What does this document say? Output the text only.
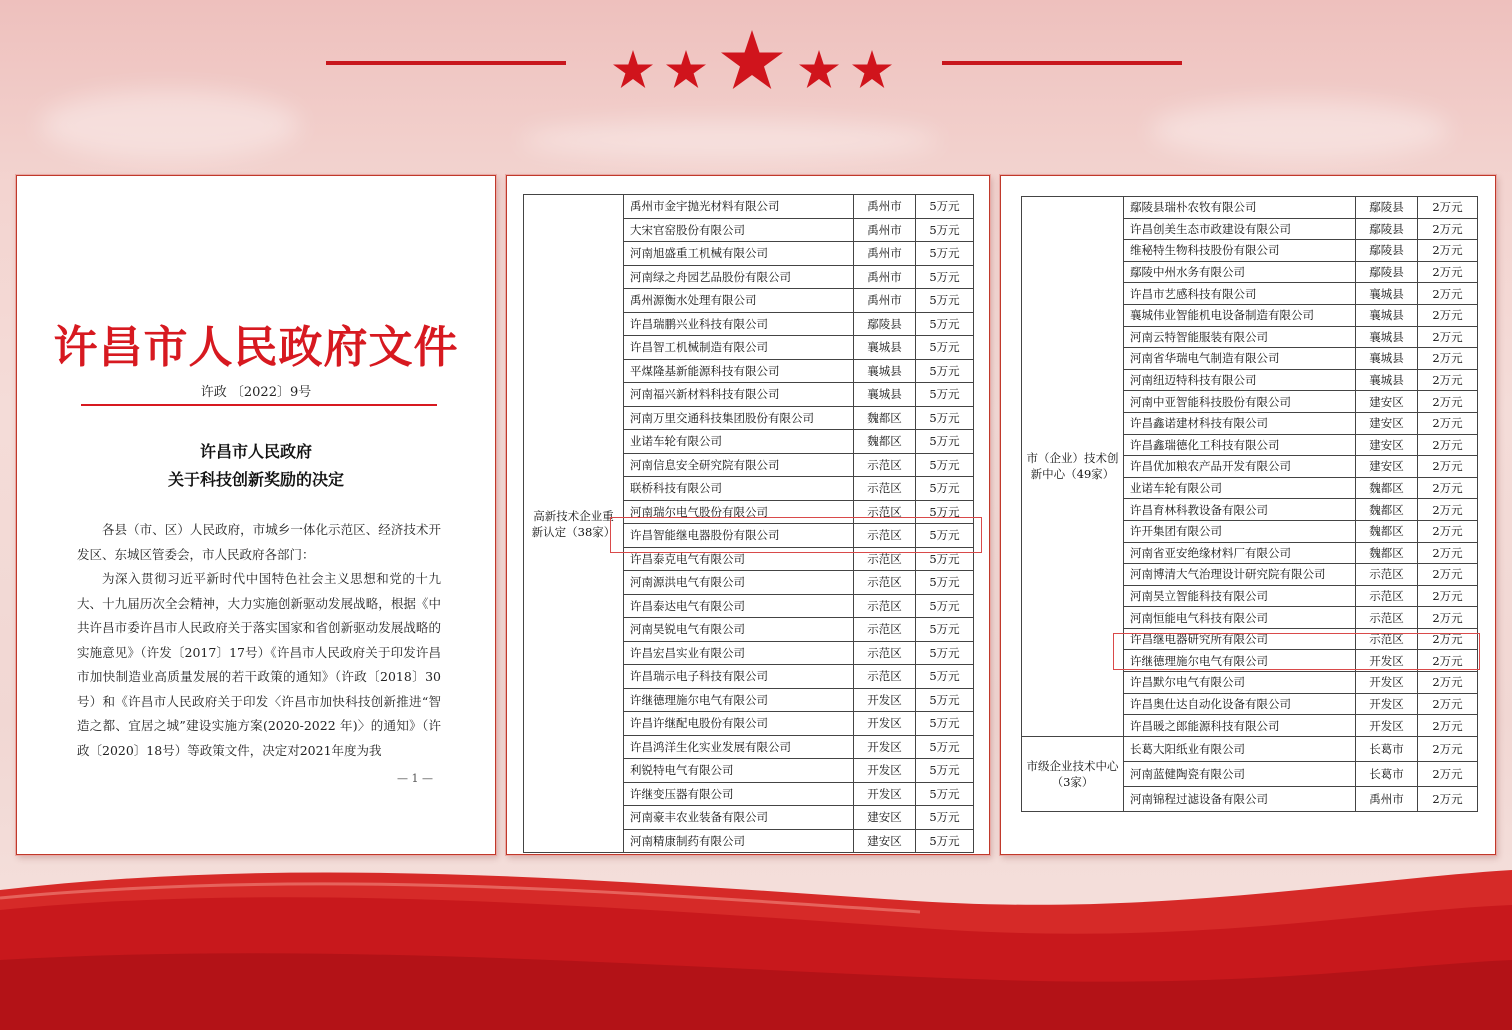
许昌市人民政府文件
许政 〔2022〕9号
许昌市人民政府
关于科技创新奖励的决定

各县（市、区）人民政府，市城乡一体化示范区、经济技术开发区、东城区管委会，市人民政府各部门：

为深入贯彻习近平新时代中国特色社会主义思想和党的十九大、十九届历次全会精神，大力实施创新驱动发展战略，根据《中共许昌市委许昌市人民政府关于落实国家和省创新驱动发展战略的实施意见》（许发〔2017〕17号）《许昌市人民政府关于印发许昌市加快制造业高质量发展的若干政策的通知》（许政〔2018〕30号）和《许昌市人民政府关于印发〈许昌市加快科技创新推进“智造之都、宜居之城”建设实施方案(2020-2022 年)〉的通知》（许政〔2020〕18号）等政策文件，决定对2021年度为我

— 1 —
高新技术企业重新认定（38家）	禹州市金宇抛光材料有限公司	禹州市	5万元
	大宋官窑股份有限公司	禹州市	5万元
	河南旭盛重工机械有限公司	禹州市	5万元
	河南绿之舟园艺品股份有限公司	禹州市	5万元
	禹州源衡水处理有限公司	禹州市	5万元
	许昌瑞鹏兴业科技有限公司	鄢陵县	5万元
	许昌智工机械制造有限公司	襄城县	5万元
	平煤隆基新能源科技有限公司	襄城县	5万元
	河南福兴新材料科技有限公司	襄城县	5万元
	河南万里交通科技集团股份有限公司	魏都区	5万元
	业诺车轮有限公司	魏都区	5万元
	河南信息安全研究院有限公司	示范区	5万元
	联桥科技有限公司	示范区	5万元
	河南瑞尔电气股份有限公司	示范区	5万元
	许昌智能继电器股份有限公司	示范区	5万元
	许昌泰克电气有限公司	示范区	5万元
	河南源洪电气有限公司	示范区	5万元
	许昌泰达电气有限公司	示范区	5万元
	河南昊锐电气有限公司	示范区	5万元
	许昌宏昌实业有限公司	示范区	5万元
	许昌瑞示电子科技有限公司	示范区	5万元
	许继德理施尔电气有限公司	开发区	5万元
	许昌许继配电股份有限公司	开发区	5万元
	许昌鸿洋生化实业发展有限公司	开发区	5万元
	利锐特电气有限公司	开发区	5万元
	许继变压器有限公司	开发区	5万元
	河南豪丰农业装备有限公司	建安区	5万元
	河南精康制药有限公司	建安区	5万元
市（企业）技术创新中心（49家）	鄢陵县瑞朴农牧有限公司	鄢陵县	2万元
	许昌创美生态市政建设有限公司	鄢陵县	2万元
	维秘特生物科技股份有限公司	鄢陵县	2万元
	鄢陵中州水务有限公司	鄢陵县	2万元
	许昌市艺感科技有限公司	襄城县	2万元
	襄城伟业智能机电设备制造有限公司	襄城县	2万元
	河南云特智能服装有限公司	襄城县	2万元
	河南省华瑞电气制造有限公司	襄城县	2万元
	河南纽迈特科技有限公司	襄城县	2万元
	河南中亚智能科技股份有限公司	建安区	2万元
	许昌鑫诺建材科技有限公司	建安区	2万元
	许昌鑫瑞德化工科技有限公司	建安区	2万元
	许昌优加粮农产品开发有限公司	建安区	2万元
	业诺车轮有限公司	魏都区	2万元
	许昌育林科教设备有限公司	魏都区	2万元
	许开集团有限公司	魏都区	2万元
	河南省亚安绝缘材料厂有限公司	魏都区	2万元
	河南博清大气治理设计研究院有限公司	示范区	2万元
	河南昊立智能科技有限公司	示范区	2万元
	河南恒能电气科技有限公司	示范区	2万元
	许昌继电器研究所有限公司	示范区	2万元
	许继德理施尔电气有限公司	开发区	2万元
	许昌默尔电气有限公司	开发区	2万元
	许昌奥仕达自动化设备有限公司	开发区	2万元
	许昌暖之郎能源科技有限公司	开发区	2万元
市级企业技术中心（3家）	长葛大阳纸业有限公司	长葛市	2万元
	河南蓝健陶瓷有限公司	长葛市	2万元
	河南锦程过滤设备有限公司	禹州市	2万元
